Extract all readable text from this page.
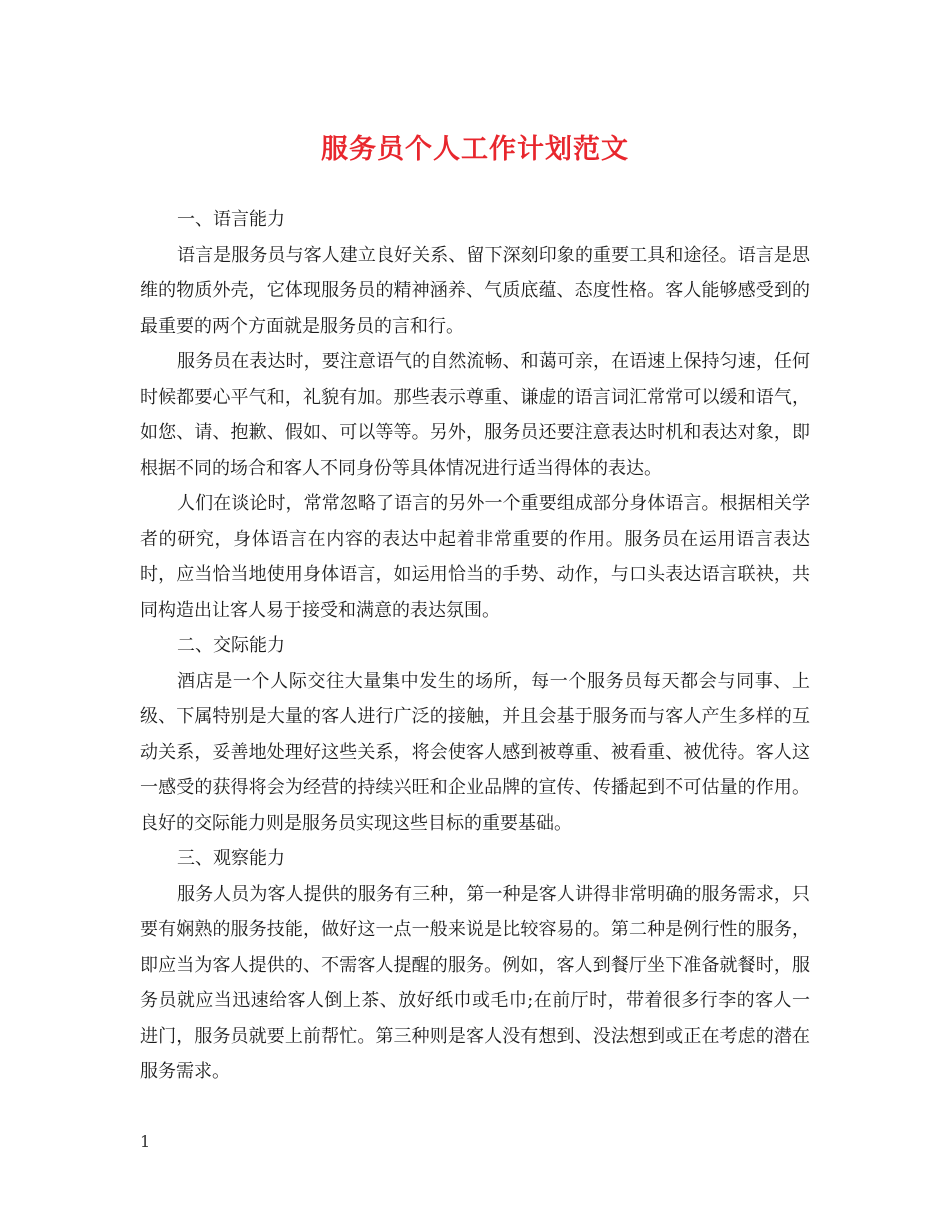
服务员个人工作计划范文

一、语言能力

语言是服务员与客人建立良好关系、留下深刻印象的重要工具和途径。语言是思维的物质外壳，它体现服务员的精神涵养、气质底蕴、态度性格。客人能够感受到的最重要的两个方面就是服务员的言和行。

服务员在表达时，要注意语气的自然流畅、和蔼可亲，在语速上保持匀速，任何时候都要心平气和，礼貌有加。那些表示尊重、谦虚的语言词汇常常可以缓和语气，如您、请、抱歉、假如、可以等等。另外，服务员还要注意表达时机和表达对象，即根据不同的场合和客人不同身份等具体情况进行适当得体的表达。

人们在谈论时，常常忽略了语言的另外一个重要组成部分身体语言。根据相关学者的研究，身体语言在内容的表达中起着非常重要的作用。服务员在运用语言表达时，应当恰当地使用身体语言，如运用恰当的手势、动作，与口头表达语言联袂，共同构造出让客人易于接受和满意的表达氛围。

二、交际能力

酒店是一个人际交往大量集中发生的场所，每一个服务员每天都会与同事、上级、下属特别是大量的客人进行广泛的接触，并且会基于服务而与客人产生多样的互动关系，妥善地处理好这些关系，将会使客人感到被尊重、被看重、被优待。客人这一感受的获得将会为经营的持续兴旺和企业品牌的宣传、传播起到不可估量的作用。良好的交际能力则是服务员实现这些目标的重要基础。

三、观察能力

服务人员为客人提供的服务有三种，第一种是客人讲得非常明确的服务需求，只要有娴熟的服务技能，做好这一点一般来说是比较容易的。第二种是例行性的服务，即应当为客人提供的、不需客人提醒的服务。例如，客人到餐厅坐下准备就餐时，服务员就应当迅速给客人倒上茶、放好纸巾或毛巾;在前厅时，带着很多行李的客人一进门，服务员就要上前帮忙。第三种则是客人没有想到、没法想到或正在考虑的潜在服务需求。

1
